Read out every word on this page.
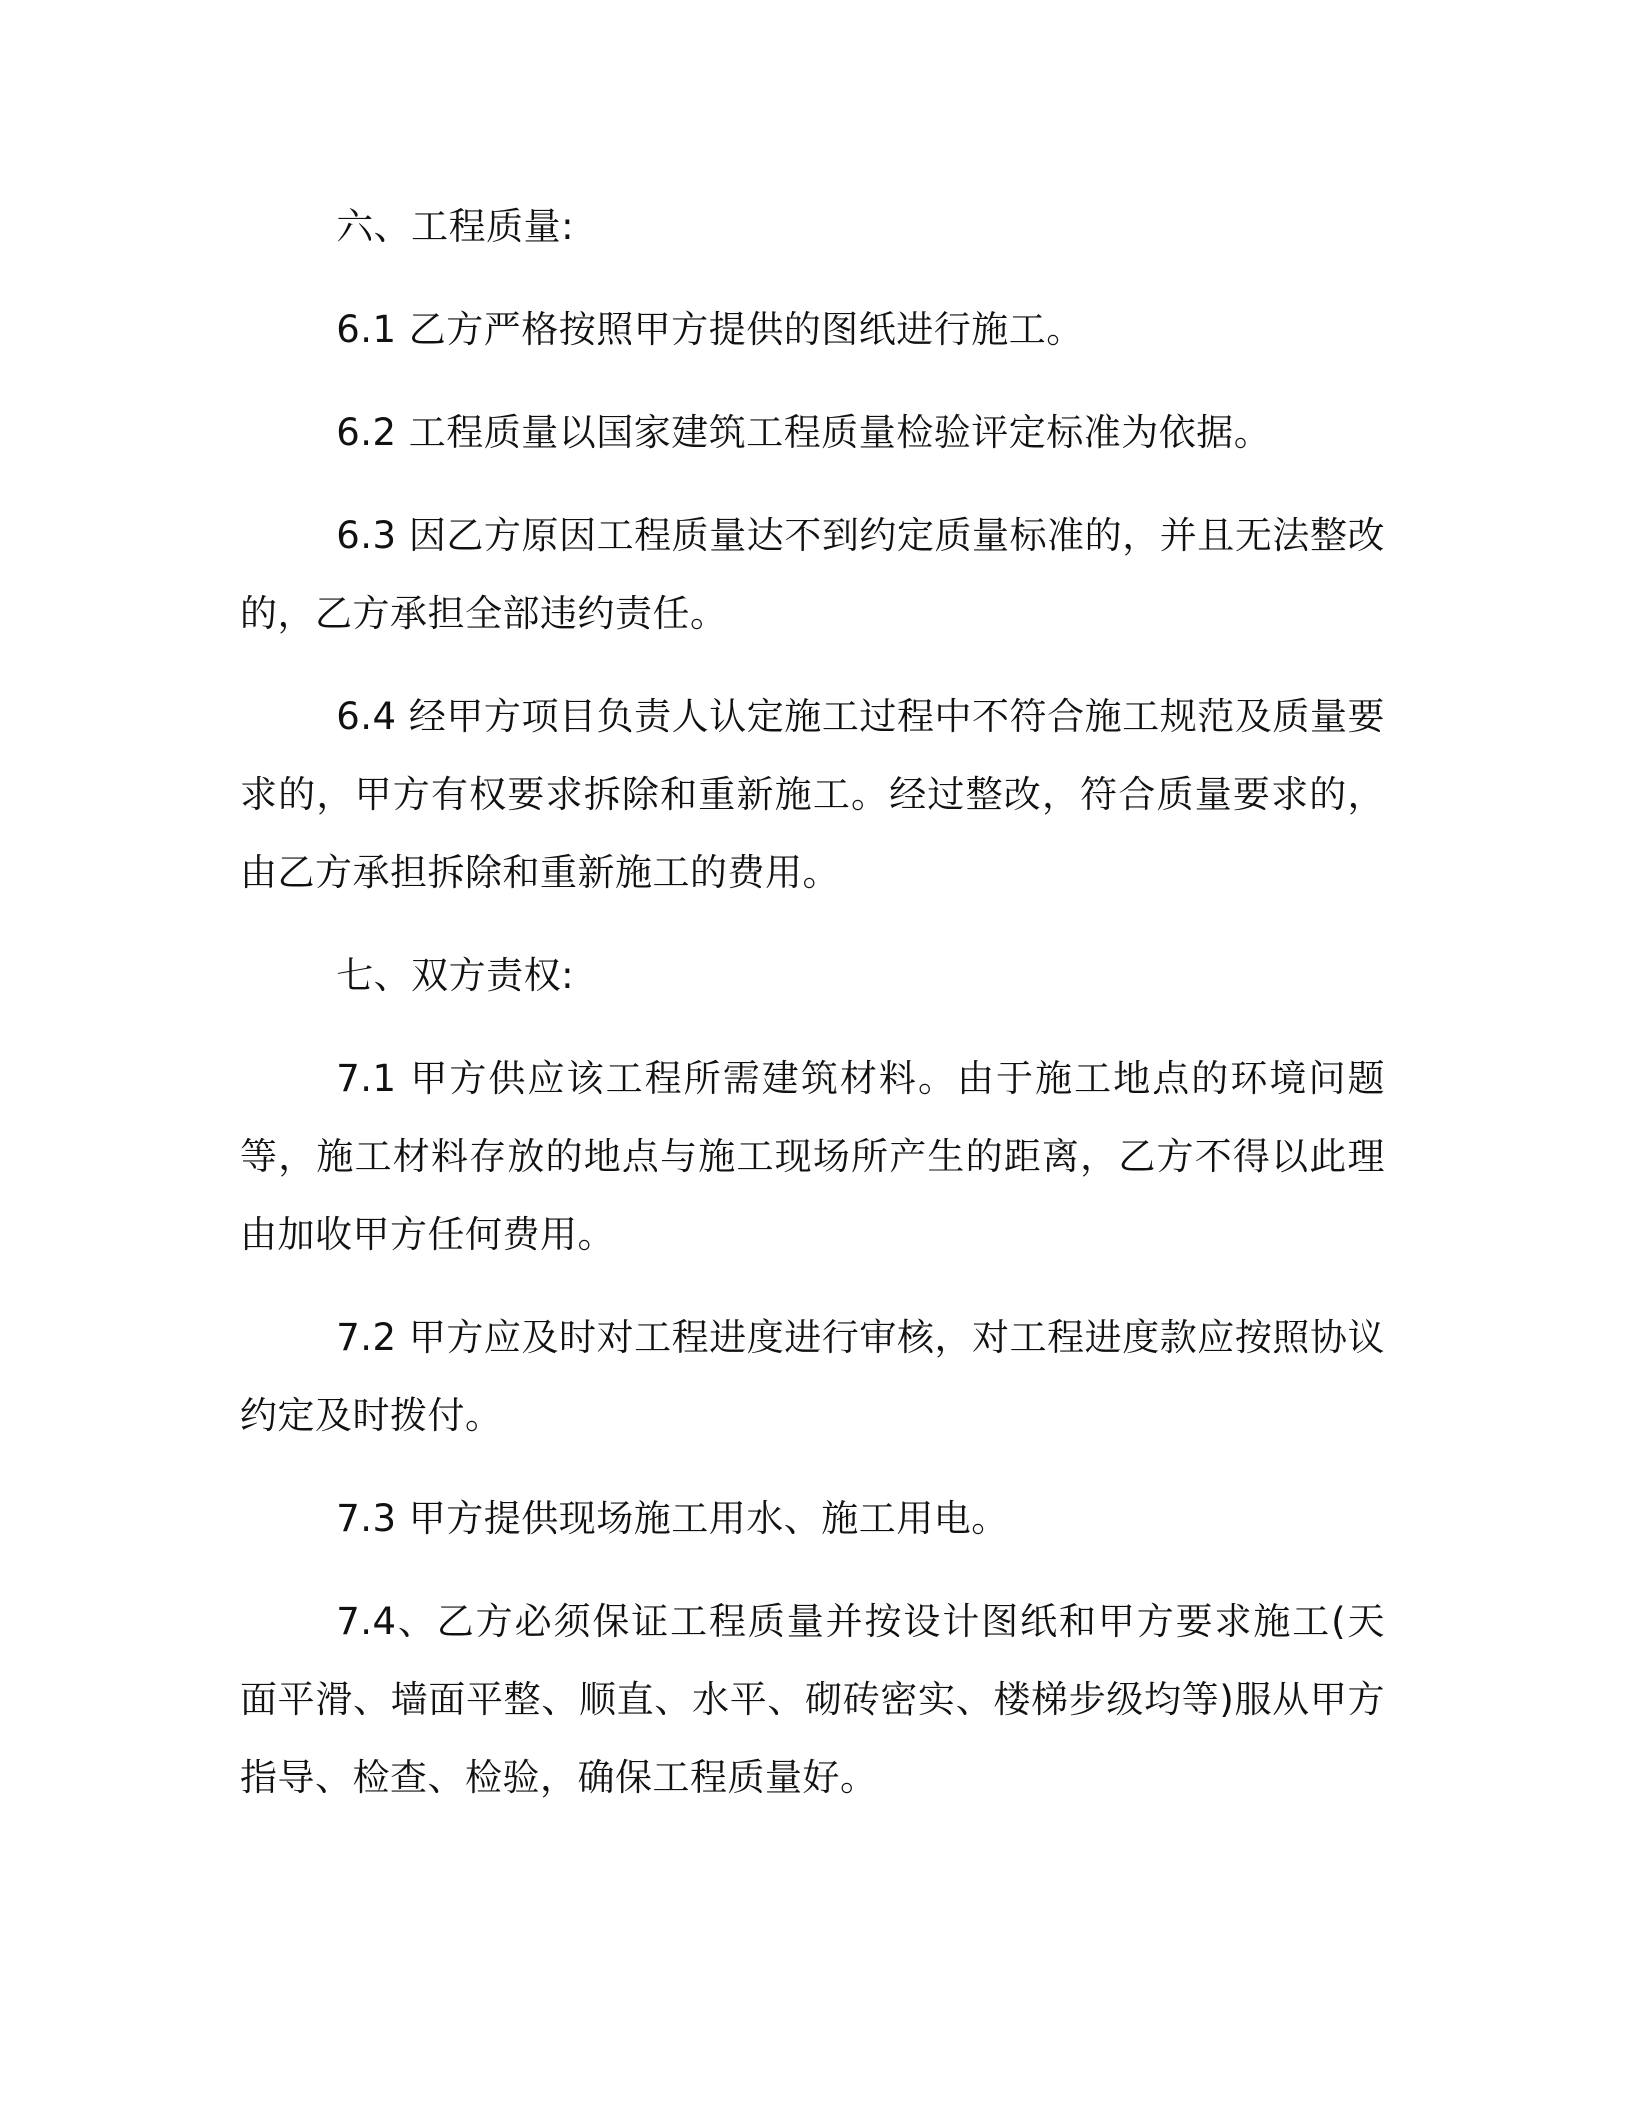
六、工程质量:

6.1 乙方严格按照甲方提供的图纸进行施工。

6.2 工程质量以国家建筑工程质量检验评定标准为依据。

6.3 因乙方原因工程质量达不到约定质量标准的，并且无法整改的，乙方承担全部违约责任。

6.4 经甲方项目负责人认定施工过程中不符合施工规范及质量要求的，甲方有权要求拆除和重新施工。经过整改，符合质量要求的，由乙方承担拆除和重新施工的费用。

七、双方责权:

7.1 甲方供应该工程所需建筑材料。由于施工地点的环境问题等，施工材料存放的地点与施工现场所产生的距离，乙方不得以此理由加收甲方任何费用。

7.2 甲方应及时对工程进度进行审核，对工程进度款应按照协议约定及时拨付。

7.3 甲方提供现场施工用水、施工用电。

7.4、乙方必须保证工程质量并按设计图纸和甲方要求施工(天面平滑、墙面平整、顺直、水平、砌砖密实、楼梯步级均等)服从甲方指导、检查、检验，确保工程质量好。
